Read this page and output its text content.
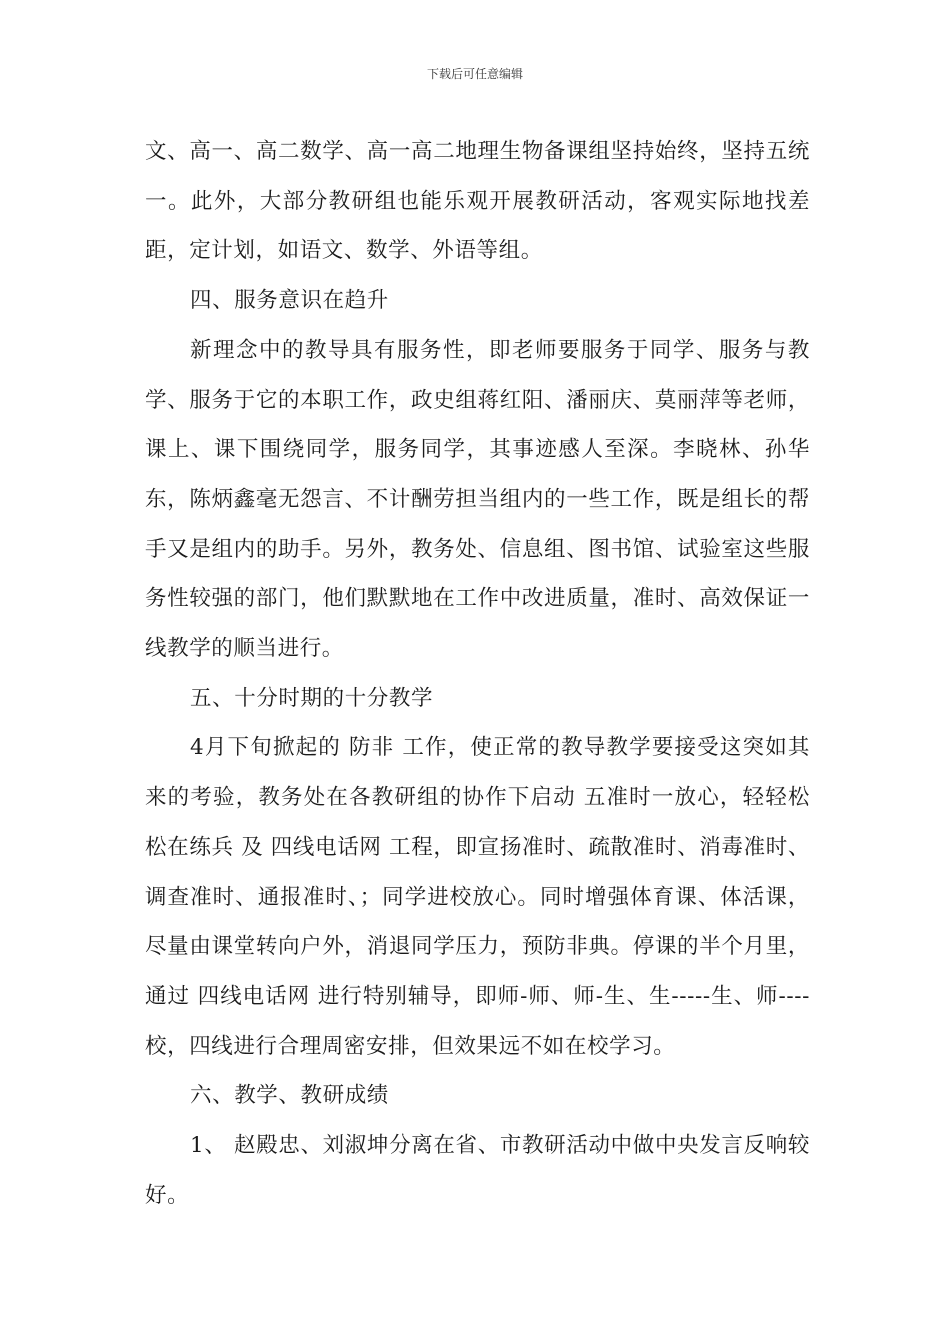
下载后可任意编辑

文、高一、高二数学、高一高二地理生物备课组坚持始终，坚持五统一。此外，大部分教研组也能乐观开展教研活动，客观实际地找差距，定计划，如语文、数学、外语等组。

四、服务意识在趋升

新理念中的教导具有服务性，即老师要服务于同学、服务与教学、服务于它的本职工作，政史组蒋红阳、潘丽庆、莫丽萍等老师，课上、课下围绕同学，服务同学，其事迹感人至深。李晓林、孙华东，陈炳鑫毫无怨言、不计酬劳担当组内的一些工作，既是组长的帮手又是组内的助手。另外，教务处、信息组、图书馆、试验室这些服务性较强的部门，他们默默地在工作中改进质量，准时、高效保证一线教学的顺当进行。

五、十分时期的十分教学

4月下旬掀起的 防非 工作，使正常的教导教学要接受这突如其来的考验，教务处在各教研组的协作下启动 五准时一放心，轻轻松松在练兵 及 四线电话网 工程，即宣扬准时、疏散准时、消毒准时、调查准时、通报准时、；同学进校放心。同时增强体育课、体活课，尽量由课堂转向户外，消退同学压力，预防非典。停课的半个月里，通过 四线电话网 进行特别辅导，即师-师、师-生、生-----生、师----校，四线进行合理周密安排，但效果远不如在校学习。

六、教学、教研成绩

1、 赵殿忠、刘淑坤分离在省、市教研活动中做中央发言反响较好。
